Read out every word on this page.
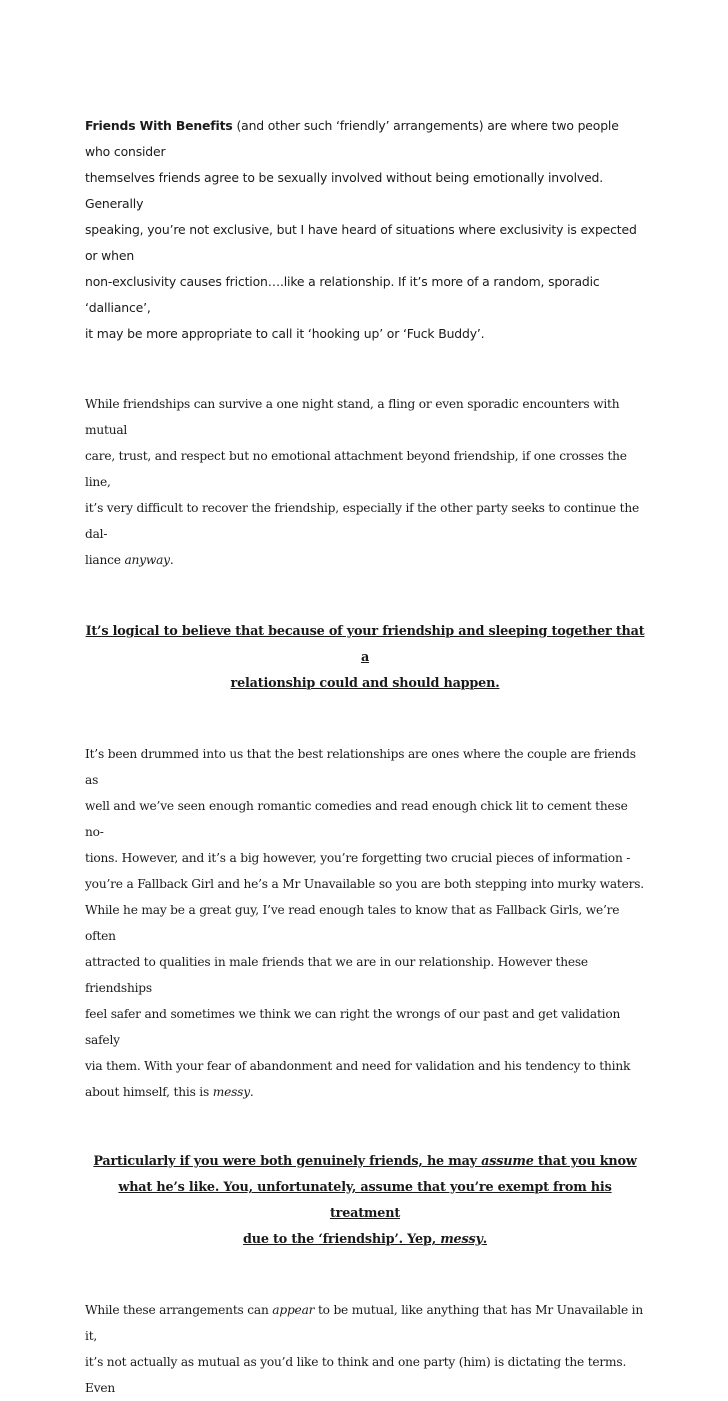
Friends With Benefits (and other such ‘friendly’ arrangements) are where two people who consider
themselves friends agree to be sexually involved without being emotionally involved. Generally
speaking, you’re not exclusive, but I have heard of situations where exclusivity is expected or when
non-exclusivity causes friction….like a relationship. If it’s more of a random, sporadic ‘dalliance’,
it may be more appropriate to call it ‘hooking up’ or ‘Fuck Buddy’.

While friendships can survive a one night stand, a fling or even sporadic encounters with mutual
care, trust, and respect but no emotional attachment beyond friendship, if one crosses the line,
it’s very difficult to recover the friendship, especially if the other party seeks to continue the dal-
liance anyway.

It’s logical to believe that because of your friendship and sleeping together that a
relationship could and should happen.

It’s been drummed into us that the best relationships are ones where the couple are friends as
well and we’ve seen enough romantic comedies and read enough chick lit to cement these no-
tions. However, and it’s a big however, you’re forgetting two crucial pieces of information -
you’re a Fallback Girl and he’s a Mr Unavailable so you are both stepping into murky waters.
While he may be a great guy, I’ve read enough tales to know that as Fallback Girls, we’re often
attracted to qualities in male friends that we are in our relationship. However these friendships
feel safer and sometimes we think we can right the wrongs of our past and get validation safely
via them. With your fear of abandonment and need for validation and his tendency to think
about himself, this is messy.

Particularly if you were both genuinely friends, he may assume that you know
what he’s like. You, unfortunately, assume that you’re exempt from his treatment
due to the ‘friendship’. Yep, messy.

While these arrangements can appear to be mutual, like anything that has Mr Unavailable in it,
it’s not actually as mutual as you’d like to think and one party (him) is dictating the terms. Even
